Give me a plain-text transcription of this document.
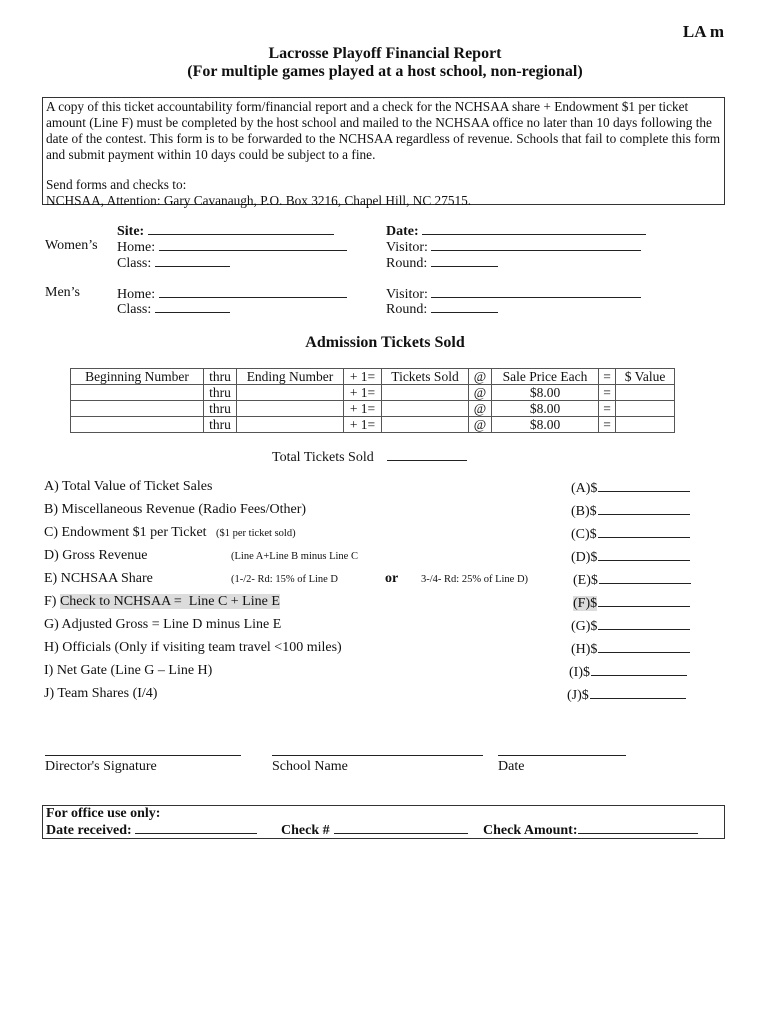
LA m
Lacrosse Playoff Financial Report
(For multiple games played at a host school, non-regional)

A copy of this ticket accountability form/financial report and a check for the NCHSAA share + Endowment $1 per ticket amount (Line F) must be completed by the host school and mailed to the NCHSAA office no later than 10 days following the date of the contest. This form is to be forwarded to the NCHSAA regardless of revenue. Schools that fail to complete this form and submit payment within 10 days could be subject to a fine.

Send forms and checks to:

NCHSAA, Attention: Gary Cavanaugh, P.O. Box 3216, Chapel Hill, NC 27515.

Site:	Date:
Women’s Home:	Visitor:
Class:	Round:
Men’s	Home:	Visitor:
Class:	Round:
Admission Tickets Sold
Beginning Number	thru	Ending Number	+ 1=	Tickets Sold	@	Sale Price Each	=	$ Value
	thru		+ 1=		@	$8.00	=	
	thru		+ 1=		@	$8.00	=	
	thru		+ 1=		@	$8.00	=	
Total Tickets Sold
A) Total Value of Ticket Sales	(A)$
B) Miscellaneous Revenue (Radio Fees/Other)	(B)$
C) Endowment $1 per Ticket ($1 per ticket sold)	(C)$
D) Gross Revenue	(Line A+Line B minus Line C	(D)$
E) NCHSAA Share	(1-/2- Rd: 15% of Line D	or 3-/4- Rd: 25% of Line D)	(E)$
F) Check to NCHSAA =  Line C + Line E	(F)$
G) Adjusted Gross = Line D minus Line E	(G)$
H) Officials (Only if visiting team travel <100 miles)	(H)$
I) Net Gate (Line G – Line H)	(I)$
J) Team Shares (I/4)	(J)$
Director's Signature	School Name	Date
For office use only:
Date received:	Check #	Check Amount:
